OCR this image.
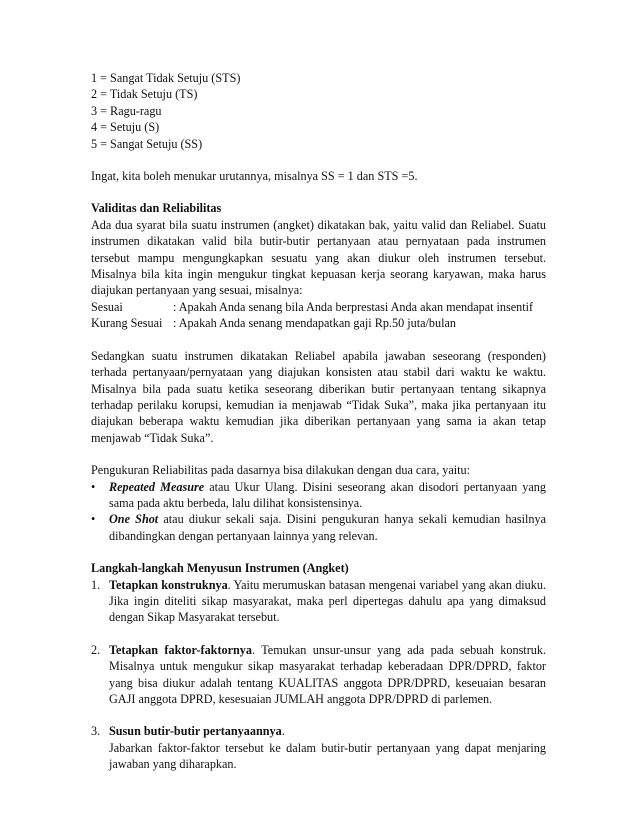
1 = Sangat Tidak Setuju (STS)

2 = Tidak Setuju (TS)

3 = Ragu-ragu

4 = Setuju (S)

5 = Sangat Setuju (SS)

Ingat, kita boleh menukar urutannya, misalnya SS = 1 dan STS =5.

Validitas dan Reliabilitas

Ada dua syarat bila suatu instrumen (angket) dikatakan bak, yaitu valid dan Reliabel. Suatu instrumen dikatakan valid bila butir-butir pertanyaan atau pernyataan pada instrumen tersebut mampu mengungkapkan sesuatu yang akan diukur oleh instrumen tersebut. Misalnya bila kita ingin mengukur tingkat kepuasan kerja seorang karyawan, maka harus diajukan pertanyaan yang sesuai, misalnya:

Sesuai	: Apakah Anda senang bila Anda berprestasi Anda akan mendapat insentif
Kurang Sesuai : Apakah Anda senang mendapatkan gaji Rp.50 juta/bulan

Sedangkan suatu instrumen dikatakan Reliabel apabila jawaban seseorang (responden) terhada pertanyaan/pernyataan yang diajukan konsisten atau stabil dari waktu ke waktu. Misalnya bila pada suatu ketika seseorang diberikan butir pertanyaan tentang sikapnya terhadap perilaku korupsi, kemudian ia menjawab “Tidak Suka”, maka jika pertanyaan itu diajukan beberapa waktu kemudian jika diberikan pertanyaan yang sama ia akan tetap menjawab “Tidak Suka”.

Pengukuran Reliabilitas pada dasarnya bisa dilakukan dengan dua cara, yaitu:

• Repeated Measure atau Ukur Ulang. Disini seseorang akan disodori pertanyaan yang sama pada aktu berbeda, lalu dilihat konsistensinya.
• One Shot atau diukur sekali saja. Disini pengukuran hanya sekali kemudian hasilnya dibandingkan dengan pertanyaan lainnya yang relevan.

Langkah-langkah Menyusun Instrumen (Angket)

1. Tetapkan konstruknya. Yaitu merumuskan batasan mengenai variabel yang akan diuku. Jika ingin diteliti sikap masyarakat, maka perl dipertegas dahulu apa yang dimaksud dengan Sikap Masyarakat tersebut.
2. Tetapkan faktor-faktornya. Temukan unsur-unsur yang ada pada sebuah konstruk. Misalnya untuk mengukur sikap masyarakat terhadap keberadaan DPR/DPRD, faktor yang bisa diukur adalah tentang KUALITAS anggota DPR/DPRD, keseuaian besaran GAJI anggota DPRD, kesesuaian JUMLAH anggota DPR/DPRD di parlemen.
3. Susun butir-butir pertanyaannya.
Jabarkan faktor-faktor tersebut ke dalam butir-butir pertanyaan yang dapat menjaring jawaban yang diharapkan.
